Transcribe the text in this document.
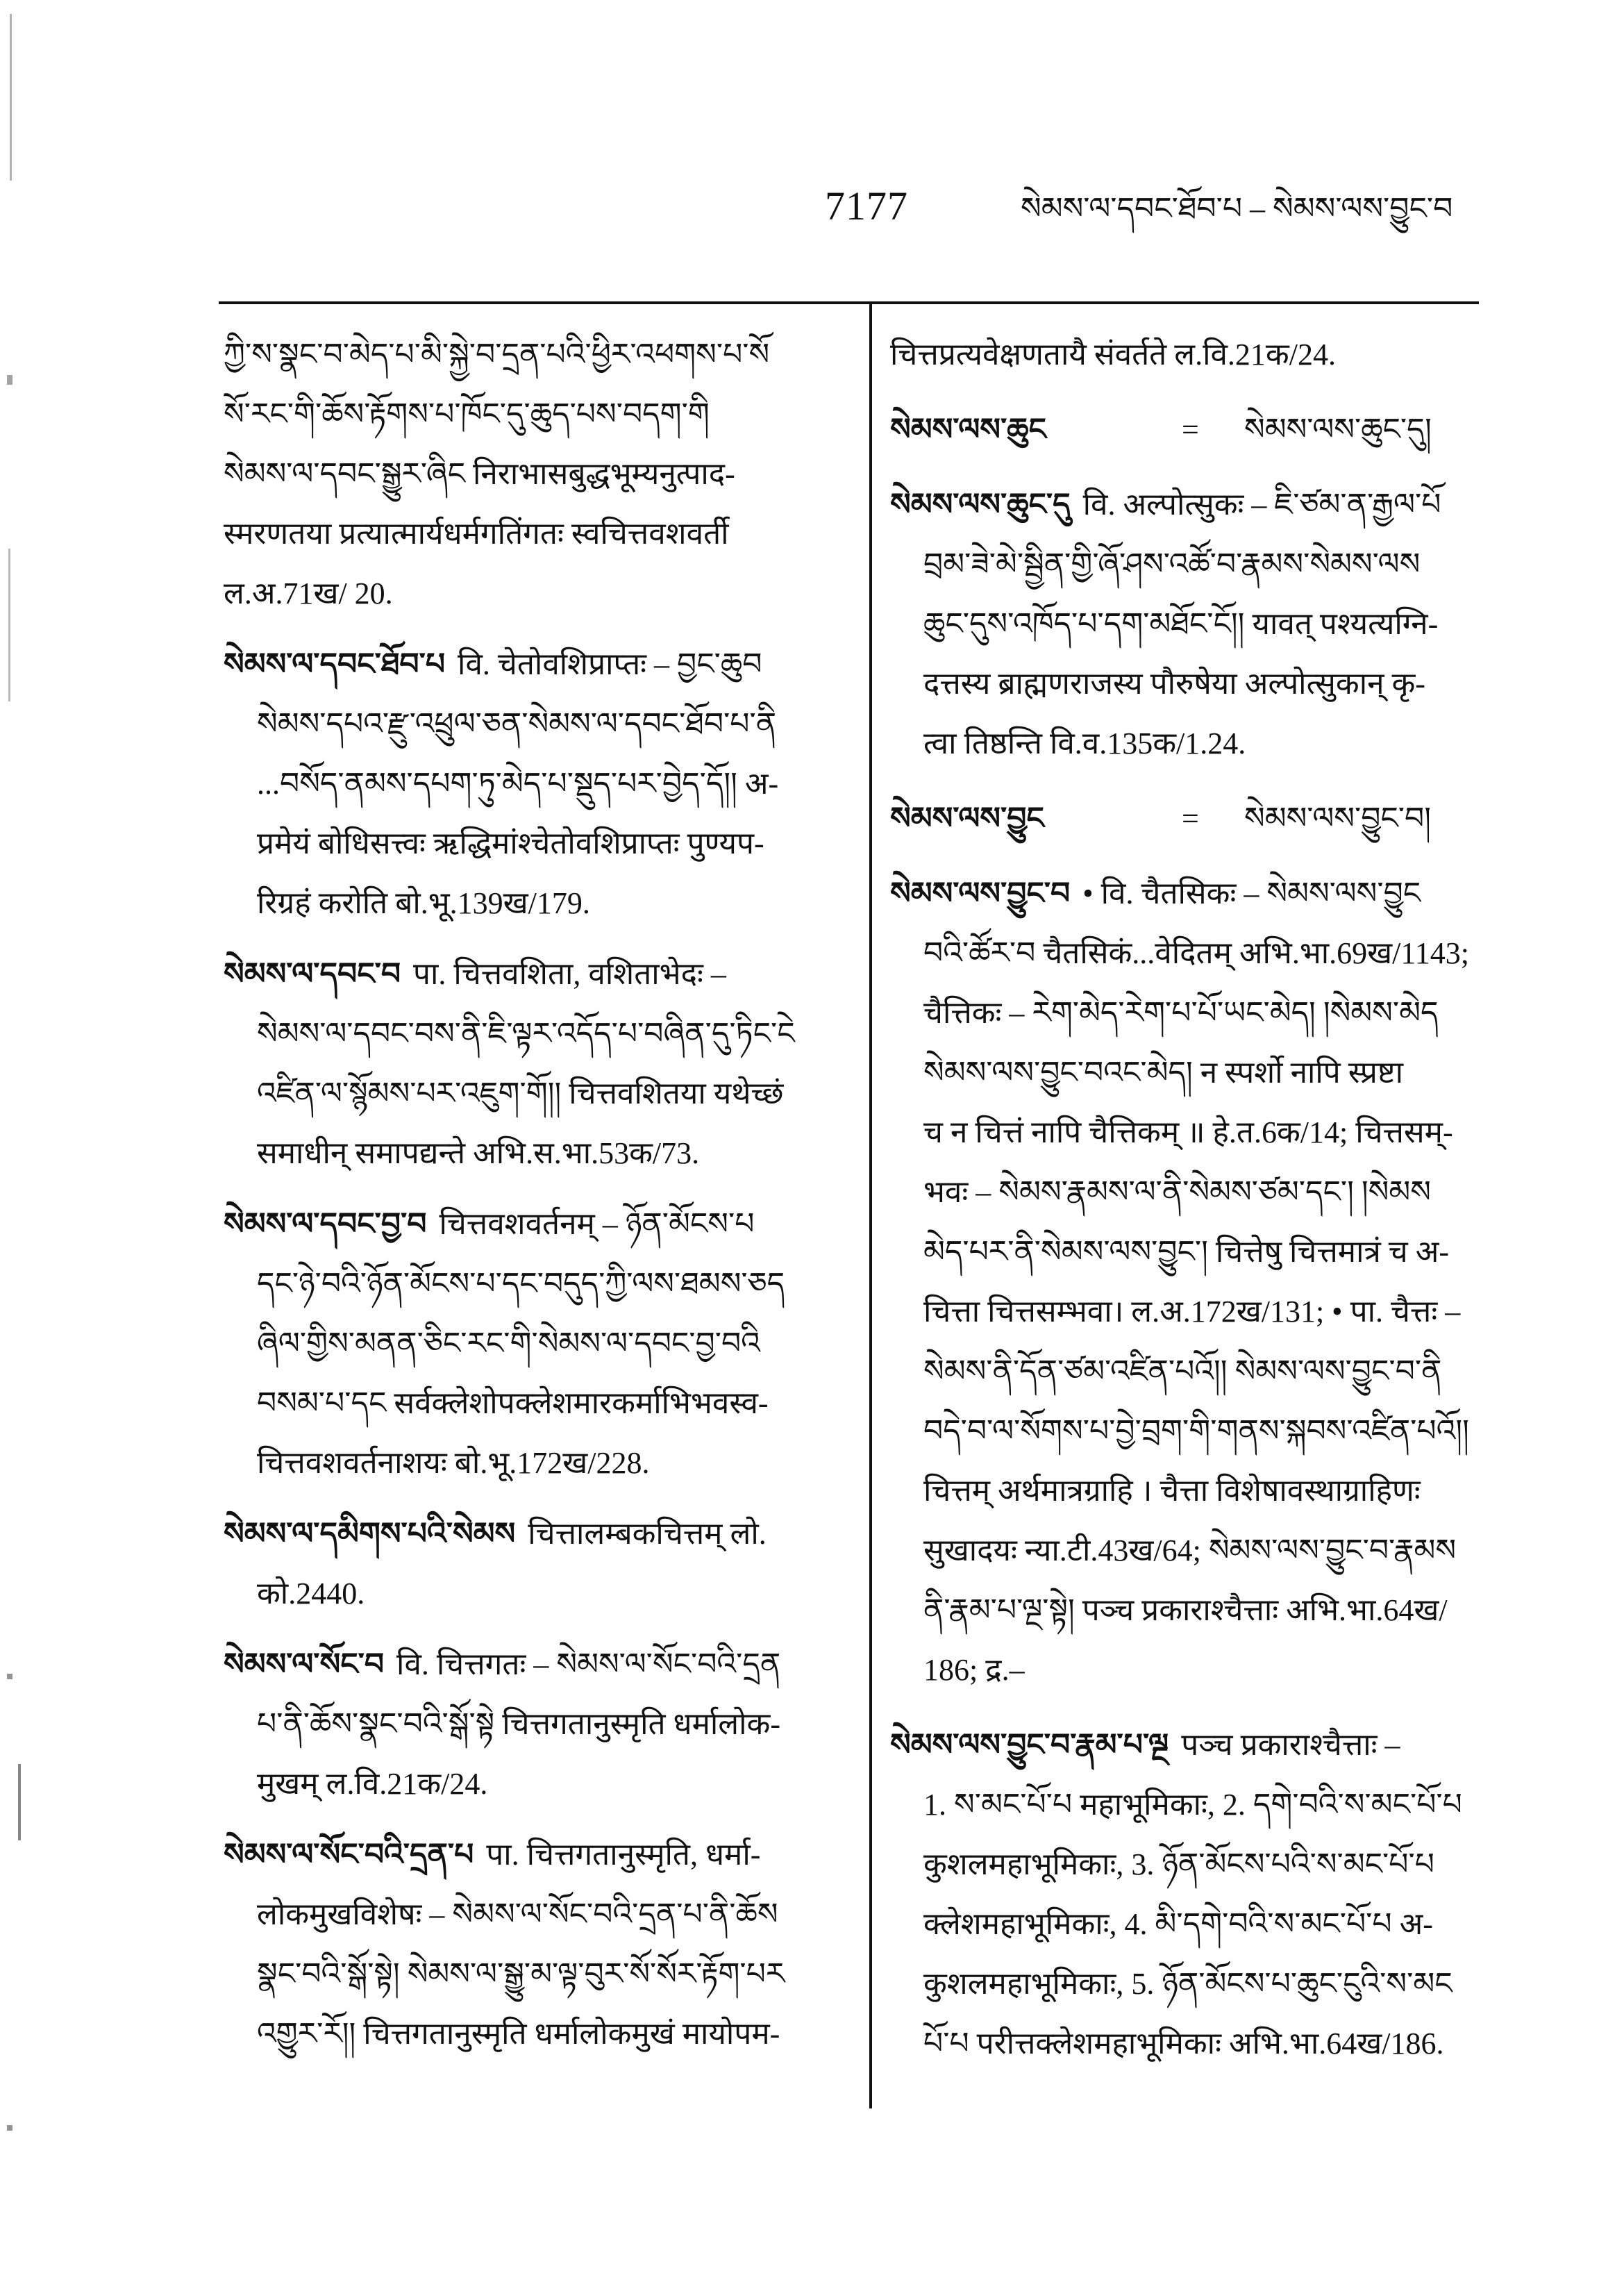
7177	སེམས་ལ་དབང་ཐོབ་པ – སེམས་ལས་བྱུང་བ
ཀྱི་ས་སྣང་བ་མེད་པ་མི་སྐྱེ་བ་དྲན་པའི་ཕྱིར་འཕགས་པ་སོ
སོ་རང་གི་ཆོས་རྟོགས་པ་ཁོང་དུ་ཆུད་པས་བདག་གི
སེམས་ལ་དབང་སྒྱུར་ཞིང निराभासबुद्धभूम्यनुत्पाद-
स्मरणतया प्रत्यात्मार्यधर्मगतिंगतः स्वचित्तवशवर्ती
ल.अ.71ख/ 20.
སེམས་ལ་དབང་ཐོབ་པ वि. चेतोवशिप्राप्तः – བྱང་ཆུབ
སེམས་དཔའ་རྫུ་འཕྲུལ་ཅན་སེམས་ལ་དབང་ཐོབ་པ་ནི
...བསོད་ནམས་དཔག་ཏུ་མེད་པ་སྡུད་པར་བྱེད་དོ།། अ-
प्रमेयं बोधिसत्त्वः ऋद्धिमांश्चेतोवशिप्राप्तः पुण्यप-
रिग्रहं करोति बो.भू.139ख/179.
སེམས་ལ་དབང་བ पा. चित्तवशिता, वशिताभेदः –
སེམས་ལ་དབང་བས་ནི་ཇི་ལྟར་འདོད་པ་བཞིན་དུ་ཏིང་ངེ
འཛིན་ལ་སྙོམས་པར་འཇུག་གོ།། चित्तवशितया यथेच्छं
समाधीन् समापद्यन्ते अभि.स.भा.53क/73.
སེམས་ལ་དབང་བྱ་བ चित्तवशवर्तनम् – ཉོན་མོངས་པ
དང་ཉེ་བའི་ཉོན་མོངས་པ་དང་བདུད་ཀྱི་ལས་ཐམས་ཅད
ཞིལ་གྱིས་མནན་ཅིང་རང་གི་སེམས་ལ་དབང་བྱ་བའི
བསམ་པ་དང सर्वक्लेशोपक्लेशमारकर्माभिभवस्व-
चित्तवशवर्तनाशयः बो.भू.172ख/228.
སེམས་ལ་དམིགས་པའི་སེམས चित्तालम्बकचित्तम् लो.
को.2440.
སེམས་ལ་སོང་བ वि. चित्तगतः – སེམས་ལ་སོང་བའི་དྲན
པ་ནི་ཆོས་སྣང་བའི་སྒོ་སྟེ चित्तगतानुस्मृति धर्मालोक-
मुखम् ल.वि.21क/24.
སེམས་ལ་སོང་བའི་དྲན་པ पा. चित्तगतानुस्मृति, धर्मा-
लोकमुखविशेषः – སེམས་ལ་སོང་བའི་དྲན་པ་ནི་ཆོས
སྣང་བའི་སྒོ་སྟེ། སེམས་ལ་སྒྱུ་མ་ལྟ་བུར་སོ་སོར་རྟོག་པར
འགྱུར་རོ།། चित्तगतानुस्मृति धर्मालोकमुखं मायोपम-
चित्तप्रत्यवेक्षणतायै संवर्तते ल.वि.21क/24.
སེམས་ལས་ཆུང	= སེམས་ལས་ཆུང་དུ།
སེམས་ལས་ཆུང་དུ वि. अल्पोत्सुकः – ཇི་ཙམ་ན་རྒྱལ་པོ
བྲམ་ཟེ་མེ་སྦྱིན་གྱི་ཞོ་ཤས་འཚོ་བ་རྣམས་སེམས་ལས
ཆུང་དུས་འཁོད་པ་དག་མཐོང་ངོ།། यावत् पश्यत्यग्नि-
दत्तस्य ब्राह्मणराजस्य पौरुषेया अल्पोत्सुकान् कृ-
त्वा तिष्ठन्ति वि.व.135क/1.24.
སེམས་ལས་བྱུང	= སེམས་ལས་བྱུང་བ།
སེམས་ལས་བྱུང་བ • वि. चैतसिकः – སེམས་ལས་བྱུང
བའི་ཚོར་བ चैतसिकं...वेदितम् अभि.भा.69ख/1143;
चैत्तिकः – རེག་མེད་རེག་པ་པོ་ཡང་མེད། །སེམས་མེད
སེམས་ལས་བྱུང་བའང་མེད། न स्पर्शो नापि स्प्रष्टा
च न चित्तं नापि चैत्तिकम् ॥ हे.त.6क/14; चित्तसम्-
भवः – སེམས་རྣམས་ལ་ནི་སེམས་ཙམ་དང་། །སེམས
མེད་པར་ནི་སེམས་ལས་བྱུང་། चित्तेषु चित्तमात्रं च अ-
चित्ता चित्तसम्भवा। ल.अ.172ख/131; • पा. चैत्तः –
སེམས་ནི་དོན་ཙམ་འཛིན་པའོ།། སེམས་ལས་བྱུང་བ་ནི
བདེ་བ་ལ་སོགས་པ་བྱེ་བྲག་གི་གནས་སྐབས་འཛིན་པའོ།།
चित्तम् अर्थमात्रग्राहि । चैत्ता विशेषावस्थाग्राहिणः
सुखादयः न्या.टी.43ख/64; སེམས་ལས་བྱུང་བ་རྣམས
ནི་རྣམ་པ་ལྔ་སྟེ། पञ्च प्रकाराश्चैत्ताः अभि.भा.64ख/
186; द्र.–
སེམས་ལས་བྱུང་བ་རྣམ་པ་ལྔ पञ्च प्रकाराश्चैत्ताः –
1. ས་མང་པོ་པ महाभूमिकाः, 2. དགེ་བའི་ས་མང་པོ་པ
कुशलमहाभूमिकाः, 3. ཉོན་མོངས་པའི་ས་མང་པོ་པ
क्लेशमहाभूमिकाः, 4. མི་དགེ་བའི་ས་མང་པོ་པ अ-
कुशलमहाभूमिकाः, 5. ཉོན་མོངས་པ་ཆུང་ངུའི་ས་མང
པོ་པ परीत्तक्लेशमहाभूमिकाः अभि.भा.64ख/186.
